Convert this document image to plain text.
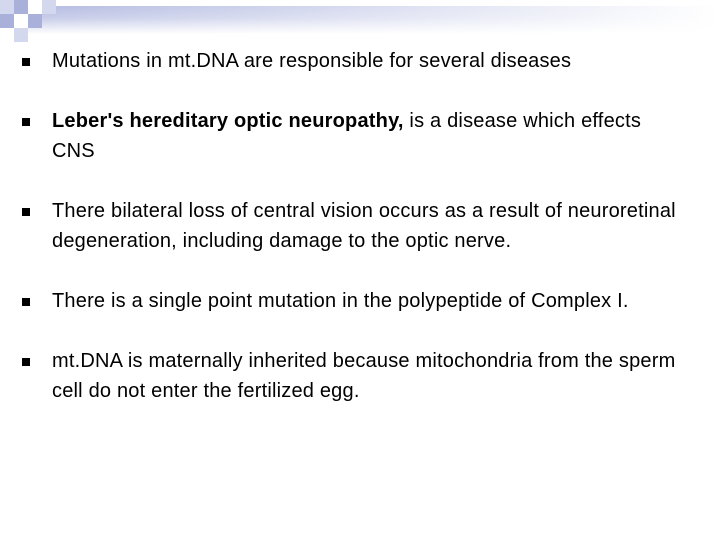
Mutations in mt.DNA are responsible for several diseases
Leber's hereditary optic neuropathy, is a disease which effects CNS
There bilateral loss of central vision occurs as a result of neuroretinal degeneration, including damage to the optic nerve.
There is a single point mutation in the polypeptide of Complex I.
mt.DNA is maternally inherited because mitochondria from the sperm cell do not enter the fertilized egg.
